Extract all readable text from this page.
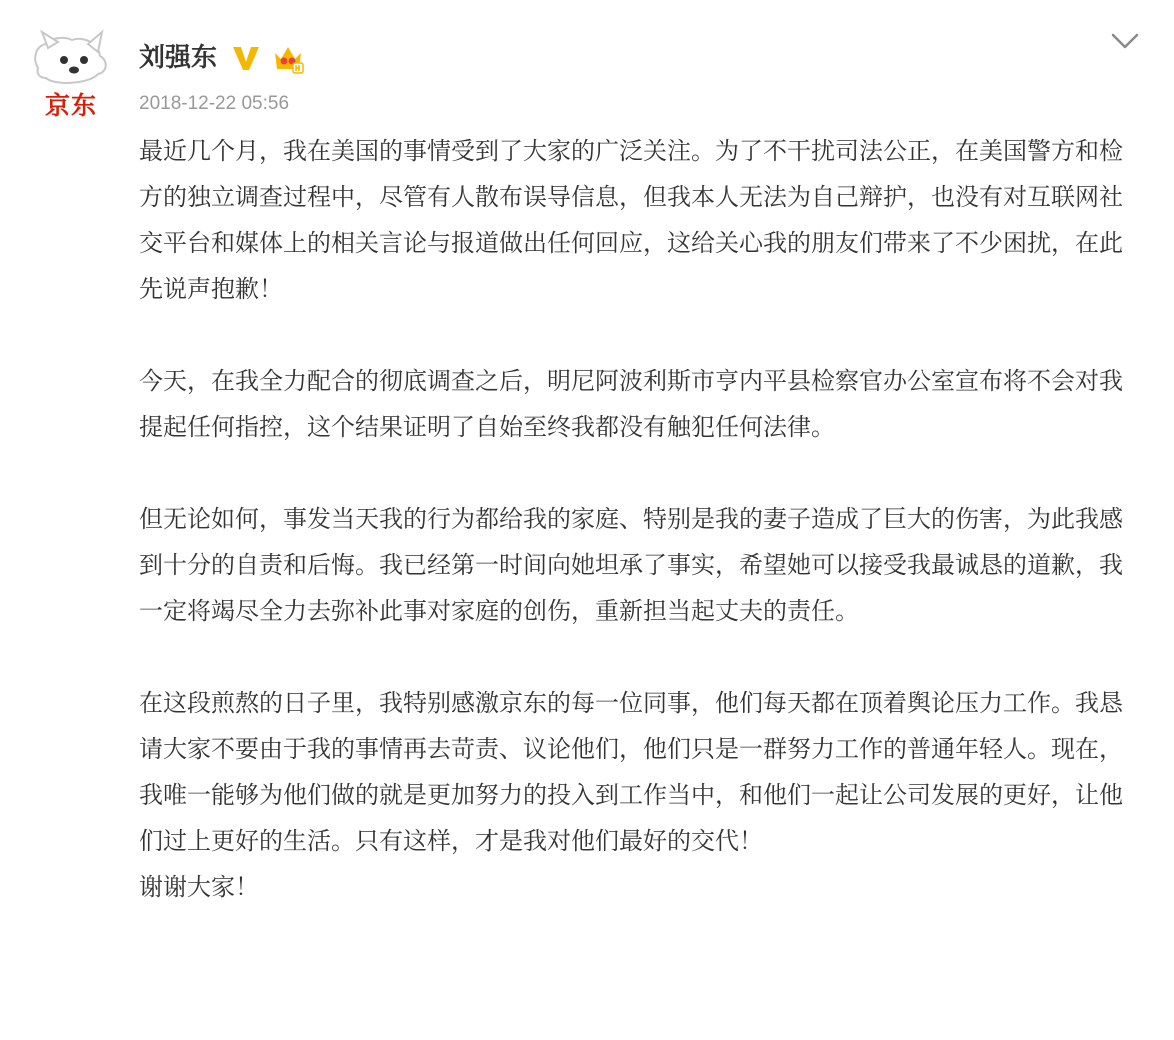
京东
刘强东
2018-12-22 05:56

最近几个月，我在美国的事情受到了大家的广泛关注。为了不干扰司法公正，在美国警方和检方的独立调查过程中，尽管有人散布误导信息，但我本人无法为自己辩护，也没有对互联网社交平台和媒体上的相关言论与报道做出任何回应，这给关心我的朋友们带来了不少困扰，在此先说声抱歉！

今天，在我全力配合的彻底调查之后，明尼阿波利斯市亨内平县检察官办公室宣布将不会对我提起任何指控，这个结果证明了自始至终我都没有触犯任何法律。

但无论如何，事发当天我的行为都给我的家庭、特别是我的妻子造成了巨大的伤害，为此我感到十分的自责和后悔。我已经第一时间向她坦承了事实，希望她可以接受我最诚恳的道歉，我一定将竭尽全力去弥补此事对家庭的创伤，重新担当起丈夫的责任。

在这段煎熬的日子里，我特别感激京东的每一位同事，他们每天都在顶着舆论压力工作。我恳请大家不要由于我的事情再去苛责、议论他们，他们只是一群努力工作的普通年轻人。现在，我唯一能够为他们做的就是更加努力的投入到工作当中，和他们一起让公司发展的更好，让他们过上更好的生活。只有这样，才是我对他们最好的交代！

谢谢大家！
